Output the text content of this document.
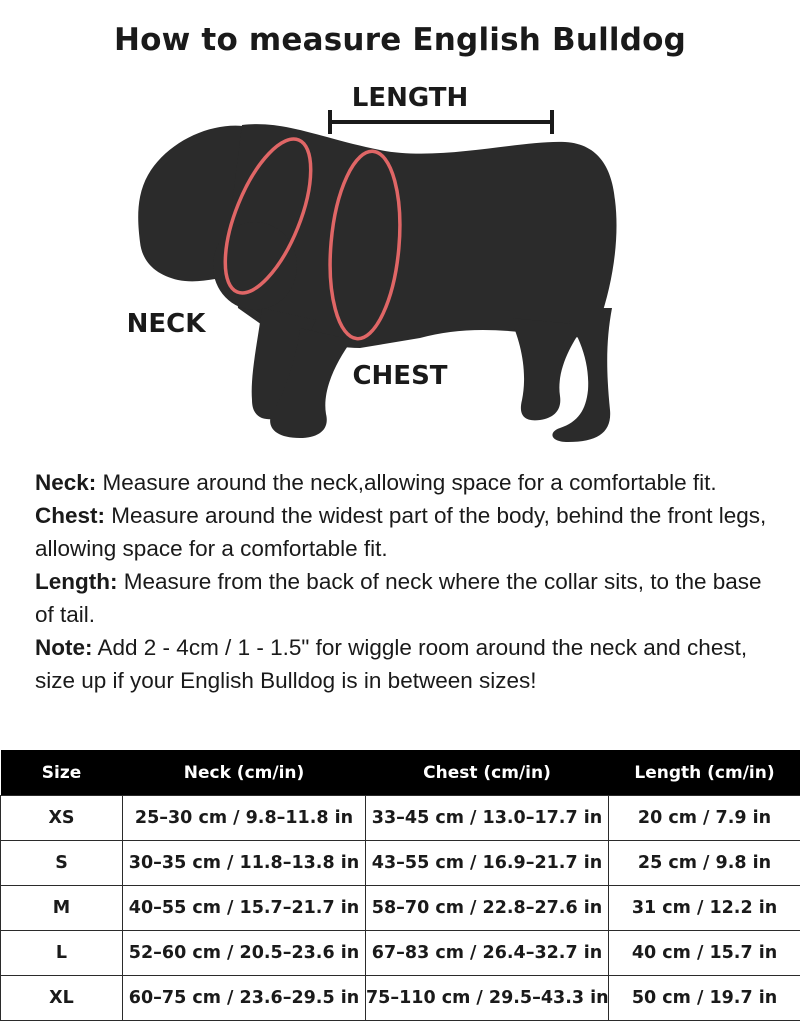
How to measure English Bulldog
LENGTH
NECK
CHEST

Neck: Measure around the neck,allowing space for a comfortable fit.

Chest: Measure around the widest part of the body, behind the front legs, allowing space for a comfortable fit.

Length: Measure from the back of neck where the collar sits, to the base of tail.

Note: Add 2 - 4cm / 1 - 1.5" for wiggle room around the neck and chest, size up if your English Bulldog is in between sizes!

Size	Neck (cm/in)	Chest (cm/in)	Length (cm/in)
XS	25–30 cm / 9.8–11.8 in	33–45 cm / 13.0–17.7 in	20 cm / 7.9 in
S	30–35 cm / 11.8–13.8 in	43–55 cm / 16.9–21.7 in	25 cm / 9.8 in
M	40–55 cm / 15.7–21.7 in	58–70 cm / 22.8–27.6 in	31 cm / 12.2 in
L	52–60 cm / 20.5–23.6 in	67–83 cm / 26.4–32.7 in	40 cm / 15.7 in
XL	60–75 cm / 23.6–29.5 in	75–110 cm / 29.5–43.3 in	50 cm / 19.7 in
